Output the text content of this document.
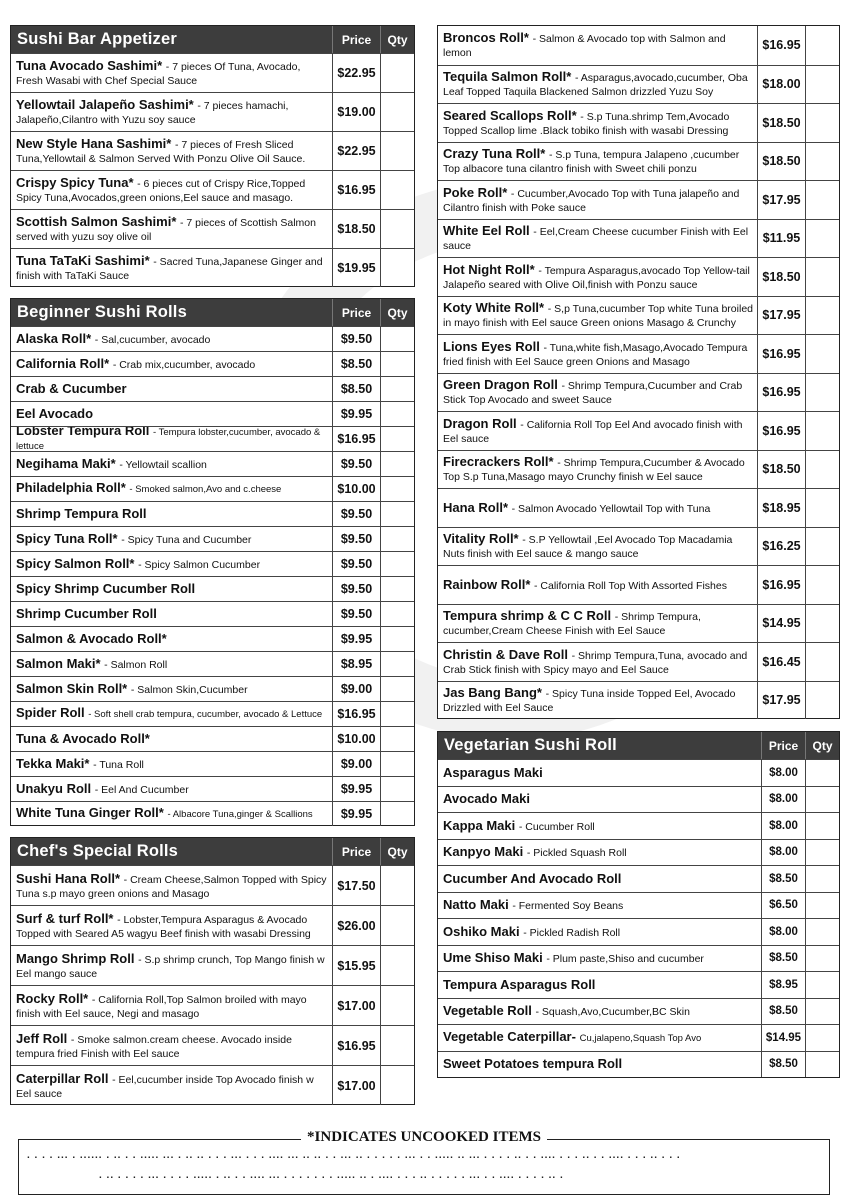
Sushi Bar Appetizer	Price	Qty
Tuna Avocado Sashimi* - 7 pieces Of Tuna, Avocado, Fresh Wasabi with Chef Special Sauce
$22.95
Yellowtail Jalapeño Sashimi* - 7 pieces hamachi, Jalapeño,Cilantro with Yuzu soy sauce
$19.00
New Style Hana Sashimi* - 7 pieces of Fresh Sliced Tuna,Yellowtail & Salmon Served With Ponzu Olive Oil Sauce.
$22.95
Crispy Spicy Tuna* - 6 pieces cut of Crispy Rice,Topped Spicy Tuna,Avocados,green onions,Eel sauce and masago.
$16.95
Scottish Salmon Sashimi* - 7 pieces of Scottish Salmon served with yuzu soy olive oil
$18.50
Tuna TaTaKi Sashimi* - Sacred Tuna,Japanese Ginger and finish with TaTaKi Sauce
$19.95
Beginner Sushi Rolls	Price	Qty
Alaska Roll* - Sal,cucumber, avocado	$9.50
California Roll* - Crab mix,cucumber, avocado	$8.50
Crab & Cucumber	$8.50
Eel Avocado	$9.95
Lobster Tempura Roll - Tempura lobster,cucumber, avocado & lettuce
$16.95
Negihama Maki* - Yellowtail scallion	$9.50
Philadelphia Roll* - Smoked salmon,Avo and c.cheese	$10.00
Shrimp Tempura Roll	$9.50
Spicy Tuna Roll* - Spicy Tuna and Cucumber	$9.50
Spicy Salmon Roll* - Spicy Salmon Cucumber	$9.50
Spicy Shrimp Cucumber Roll	$9.50
Shrimp Cucumber Roll	$9.50
Salmon & Avocado Roll*	$9.95
Salmon Maki* - Salmon Roll	$8.95
Salmon Skin Roll* - Salmon Skin,Cucumber	$9.00
Spider Roll - Soft shell crab tempura, cucumber, avocado & Lettuce	$16.95
Tuna & Avocado Roll*	$10.00
Tekka Maki* - Tuna Roll	$9.00
Unakyu Roll - Eel And Cucumber	$9.95
White Tuna Ginger Roll* - Albacore Tuna,ginger & Scallions	$9.95
Chef's Special Rolls	Price	Qty
Sushi Hana Roll* - Cream Cheese,Salmon Topped with Spicy Tuna s.p mayo green onions and Masago
$17.50
Surf & turf Roll* - Lobster,Tempura Asparagus & Avocado Topped with Seared A5 wagyu Beef finish with wasabi Dressing
$26.00
Mango Shrimp Roll - S.p shrimp crunch, Top Mango finish w Eel mango sauce
$15.95
Rocky Roll* - California Roll,Top Salmon broiled with mayo finish with Eel sauce, Negi and masago
$17.00
Jeff Roll - Smoke salmon.cream cheese. Avocado inside tempura fried Finish with Eel sauce
$16.95
Caterpillar Roll - Eel,cucumber inside Top Avocado finish w Eel sauce
$17.00
Broncos Roll* - Salmon & Avocado top with Salmon and lemon
$16.95
Tequila Salmon Roll* - Asparagus,avocado,cucumber, Oba Leaf Topped Taquila Blackened Salmon drizzled Yuzu Soy
$18.00
Seared Scallops Roll* - S.p Tuna.shrimp Tem,Avocado Topped Scallop lime .Black tobiko finish with wasabi Dressing
$18.50
Crazy Tuna Roll* - S.p Tuna, tempura Jalapeno ,cucumber Top albacore tuna cilantro finish with Sweet chili ponzu
$18.50
Poke Roll* - Cucumber,Avocado Top with Tuna jalapeño and Cilantro finish with Poke sauce
$17.95
White Eel Roll - Eel,Cream Cheese cucumber Finish with Eel sauce
$11.95
Hot Night Roll* - Tempura Asparagus,avocado Top Yellow-tail Jalapeño seared with Olive Oil,finish with Ponzu sauce
$18.50
Koty White Roll* - S,p Tuna,cucumber Top white Tuna broiled in mayo finish with Eel sauce Green onions Masago & Crunchy
$17.95
Lions Eyes Roll - Tuna,white fish,Masago,Avocado Tempura fried finish with Eel Sauce green Onions and Masago
$16.95
Green Dragon Roll - Shrimp Tempura,Cucumber and Crab Stick Top Avocado and sweet Sauce
$16.95
Dragon Roll - California Roll Top Eel And avocado finish with Eel sauce
$16.95
Firecrackers Roll* - Shrimp Tempura,Cucumber & Avocado Top S.p Tuna,Masago mayo Crunchy finish w Eel sauce
$18.50
Hana Roll* - Salmon Avocado Yellowtail Top with Tuna	$18.95
Vitality Roll* - S.P Yellowtail ,Eel Avocado Top Macadamia Nuts finish with Eel sauce & mango sauce
$16.25
Rainbow Roll* - California Roll Top With Assorted Fishes	$16.95
Tempura shrimp & C C Roll - Shrimp Tempura, cucumber,Cream Cheese Finish with Eel Sauce
$14.95
Christin & Dave Roll - Shrimp Tempura,Tuna, avocado and Crab Stick finish with Spicy mayo and Eel Sauce
$16.45
Jas Bang Bang* - Spicy Tuna inside Topped Eel, Avocado Drizzled with Eel Sauce
$17.95
Vegetarian Sushi Roll	Price	Qty
Asparagus Maki	$8.00
Avocado Maki	$8.00
Kappa Maki - Cucumber Roll	$8.00
Kanpyo Maki - Pickled Squash Roll	$8.00
Cucumber And Avocado Roll	$8.50
Natto Maki - Fermented Soy Beans	$6.50
Oshiko Maki - Pickled Radish Roll	$8.00
Ume Shiso Maki - Plum paste,Shiso and cucumber	$8.50
Tempura Asparagus Roll	$8.95
Vegetable Roll - Squash,Avo,Cucumber,BC Skin	$8.50
Vegetable Caterpillar- Cu,jalapeno,Squash Top Avo	$14.95
Sweet Potatoes tempura Roll	$8.50
*INDICATES UNCOOKED ITEMS
. . . . ... . ...... . .. . . ..... ... . .. .. . . . ... . . . .... ... .. .. . . ... .. . . . . . ... . . ..... .. ... . . . . .. . . .... . . . .. . . .... . . . .. . . .
. .. . . . . ... . . . . ..... . .. . . .... ... . . . . . . . ..... .. . .... . . . .. . . . . . ... . . .... . . . . .. .
